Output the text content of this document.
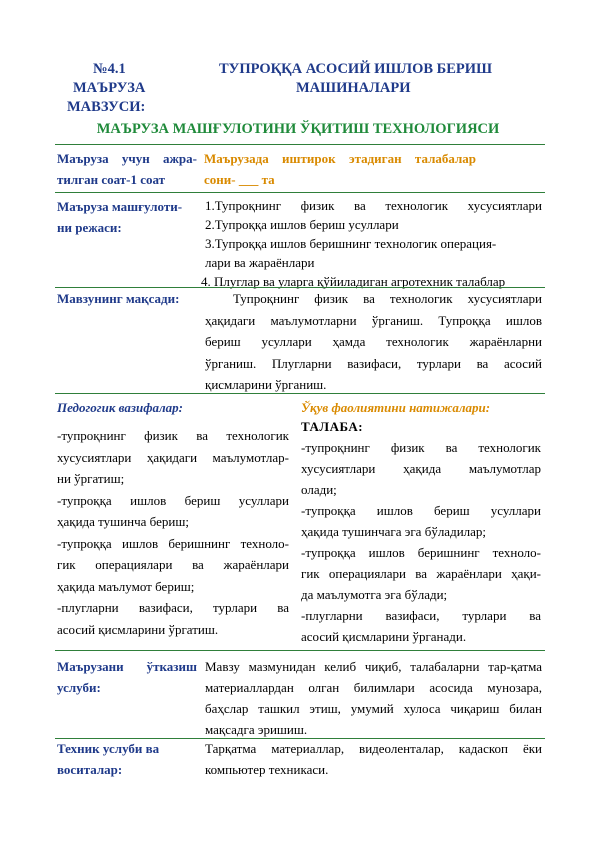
№4.1
МАЪРУЗА
МАВЗУСИ:
ТУПРОҚҚА АСОСИЙ ИШЛОВ БЕРИШ
МАШИНАЛАРИ
МАЪРУЗА МАШҒУЛОТИНИ ЎҚИТИШ ТЕХНОЛОГИЯСИ
Маъруза учун ажра-
тилган соат-1 соат
Маърузада иштирок этадиган талабалар
сони- ___ та
Маъруза машғулоти-
ни режаси:
1.Тупроқнинг физик ва технологик хусусиятлари
2.Тупроққа ишлов бериш усуллари
3.Тупроққа ишлов беришнинг технологик операция-
лари ва жараёнлари
4. Плуглар ва уларга қўйиладиган агротехник талаблар
Мавзунинг мақсади:	Тупроқнинг физик ва технологик хусусиятлари
ҳақидаги маълумотларни ўрганиш. Тупроққа ишлов
бериш усуллари ҳамда технологик жараёнларни
ўрганиш. Плугларни вазифаси, турлари ва асосий
қисмларини ўрганиш.
Педогогик вазифалар:
-тупроқнинг физик ва технологик
хусусиятлари ҳақидаги маълумотлар-
ни ўргатиш;
-тупроққа ишлов бериш усуллари
ҳақида тушинча бериш;
-тупроққа ишлов беришнинг техноло-
гик операциялари ва жараёнлари
ҳақида маълумот бериш;
-плугларни вазифаси, турлари ва
асосий қисмларини ўргатиш.
Ўқув фаолиятини натижалари:
ТАЛАБА:
-тупроқнинг физик ва технологик
хусусиятлари ҳақида маълумотлар
олади;
-тупроққа ишлов бериш усуллари
ҳақида тушинчага эга бўладилар;
-тупроққа ишлов беришнинг техноло-
гик операциялари ва жараёнлари ҳақи-
да маълумотга эга бўлади;
-плугларни вазифаси, турлари ва
асосий қисмларини ўрганади.
Маърузани ўтказиш
услуби:
Мавзу мазмунидан келиб чиқиб, талабаларни тар-қатма
материаллардан олган билимлари асосида мунозара,
баҳслар ташкил этиш, умумий хулоса чиқариш билан
мақсадга эришиш.
Техник услуби ва
воситалар:
Тарқатма материаллар, видеоленталар, кадаскоп ёки
компьютер техникаси.
